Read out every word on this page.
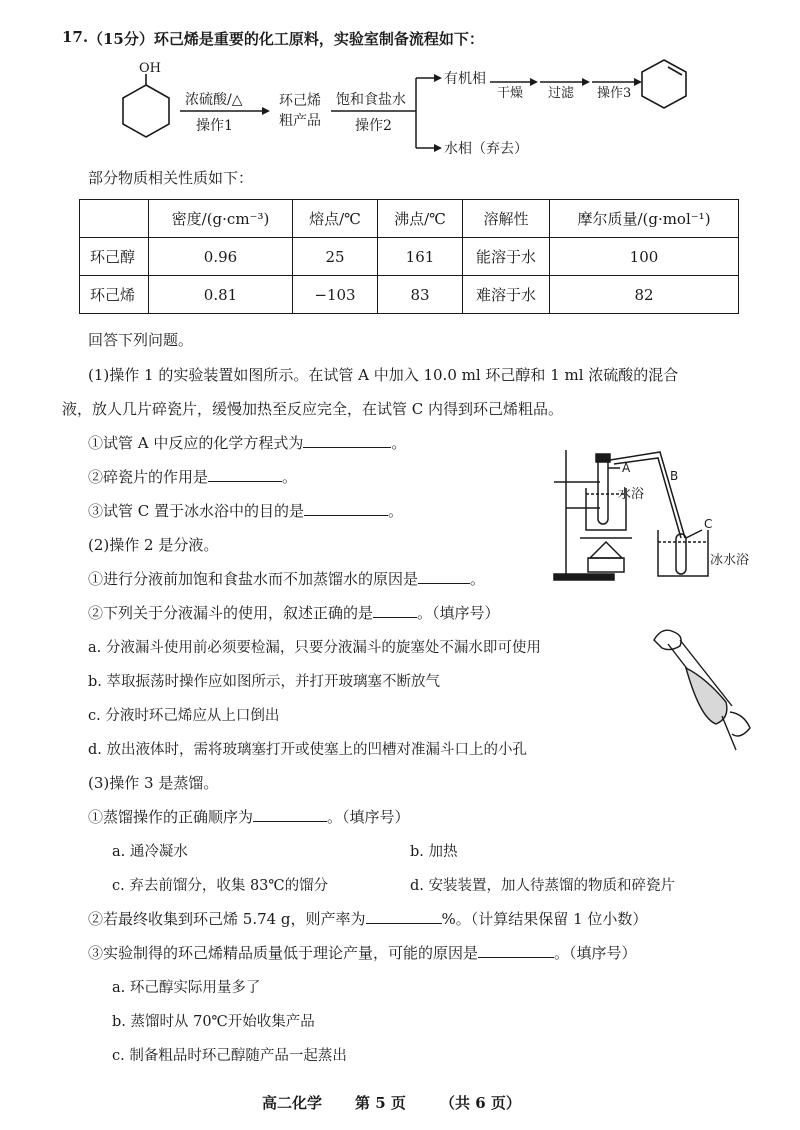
17. （15分）环己烯是重要的化工原料，实验室制备流程如下：
OH
浓硫酸/△
操作1
环己烯
粗产品
饱和食盐水
操作2
有机相
水相（弃去）
干燥 过滤 操作3
部分物质相关性质如下：
	密度/(g·cm⁻³)	熔点/℃	沸点/℃	溶解性	摩尔质量/(g·mol⁻¹)
环己醇	0.96	25	161	能溶于水	100
环己烯	0.81	−103	83	难溶于水	82
回答下列问题。
(1)操作 1 的实验装置如图所示。在试管 A 中加入 10.0 ml 环己醇和 1 ml 浓硫酸的混合
液，放人几片碎瓷片，缓慢加热至反应完全，在试管 C 内得到环己烯粗品。
①试管 A 中反应的化学方程式为	。
②碎瓷片的作用是	。
③试管 C 置于冰水浴中的目的是	。
A
水浴
B
C
冰水浴
(2)操作 2 是分液。
①进行分液前加饱和食盐水而不加蒸馏水的原因是	。
②下列关于分液漏斗的使用，叙述正确的是	。（填序号）
a. 分液漏斗使用前必须要检漏，只要分液漏斗的旋塞处不漏水即可使用
b. 萃取振荡时操作应如图所示，并打开玻璃塞不断放气
c. 分液时环己烯应从上口倒出
d. 放出液体时，需将玻璃塞打开或使塞上的凹槽对准漏斗口上的小孔
(3)操作 3 是蒸馏。
①蒸馏操作的正确顺序为	。（填序号）
a. 通冷凝水	b. 加热
c. 弃去前馏分，收集 83℃的馏分	d. 安装装置，加人待蒸馏的物质和碎瓷片
②若最终收集到环己烯 5.74 g，则产率为	%。（计算结果保留 1 位小数）
③实验制得的环己烯精品质量低于理论产量，可能的原因是	。（填序号）
a. 环己醇实际用量多了
b. 蒸馏时从 70℃开始收集产品
c. 制备粗品时环己醇随产品一起蒸出
高二化学 第 5 页 （共 6 页）
